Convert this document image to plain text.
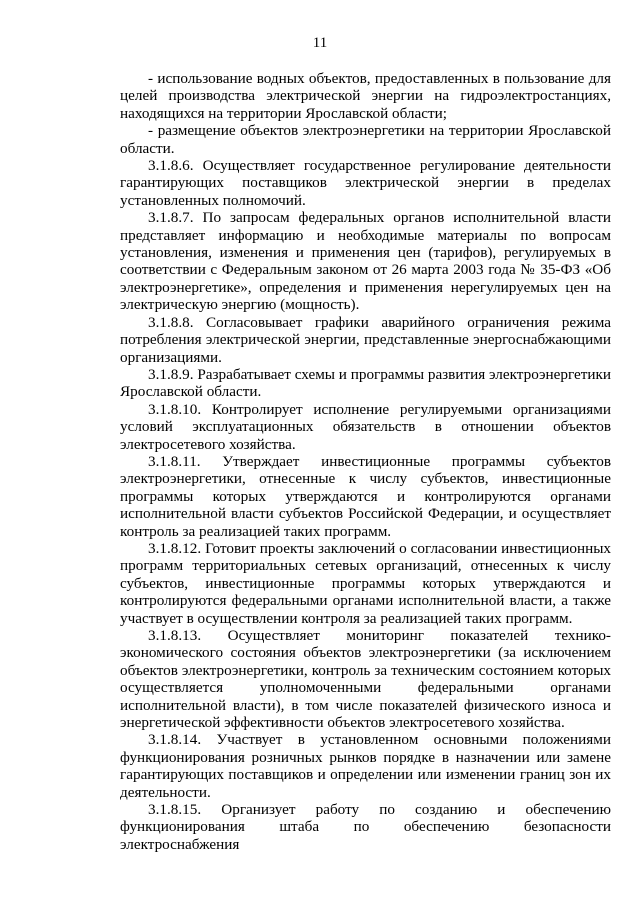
11

- использование водных объектов, предоставленных в пользование для целей производства электрической энергии на гидроэлектростанциях, находящихся на территории Ярославской области;

- размещение объектов электроэнергетики на территории Ярославской области.

3.1.8.6. Осуществляет государственное регулирование деятельности гарантирующих поставщиков электрической энергии в пределах установленных полномочий.

3.1.8.7. По запросам федеральных органов исполнительной власти представляет информацию и необходимые материалы по вопросам установления, изменения и применения цен (тарифов), регулируемых в соответствии с Федеральным законом от 26 марта 2003 года № 35-ФЗ «Об электроэнергетике», определения и применения нерегулируемых цен на электрическую энергию (мощность).

3.1.8.8. Согласовывает графики аварийного ограничения режима потребления электрической энергии, представленные энергоснабжающими организациями.

3.1.8.9. Разрабатывает схемы и программы развития электроэнергетики Ярославской области.

3.1.8.10. Контролирует исполнение регулируемыми организациями условий эксплуатационных обязательств в отношении объектов электросетевого хозяйства.

3.1.8.11. Утверждает инвестиционные программы субъектов электроэнергетики, отнесенные к числу субъектов, инвестиционные программы которых утверждаются и контролируются органами исполнительной власти субъектов Российской Федерации, и осуществляет контроль за реализацией таких программ.

3.1.8.12. Готовит проекты заключений о согласовании инвестиционных программ территориальных сетевых организаций, отнесенных к числу субъектов, инвестиционные программы которых утверждаются и контролируются федеральными органами исполнительной власти, а также участвует в осуществлении контроля за реализацией таких программ.

3.1.8.13. Осуществляет мониторинг показателей технико-экономического состояния объектов электроэнергетики (за исключением объектов электроэнергетики, контроль за техническим состоянием которых осуществляется уполномоченными федеральными органами исполнительной власти), в том числе показателей физического износа и энергетической эффективности объектов электросетевого хозяйства.

3.1.8.14. Участвует в установленном основными положениями функционирования розничных рынков порядке в назначении или замене гарантирующих поставщиков и определении или изменении границ зон их деятельности.

3.1.8.15. Организует работу по созданию и обеспечению функционирования штаба по обеспечению безопасности электроснабжения
